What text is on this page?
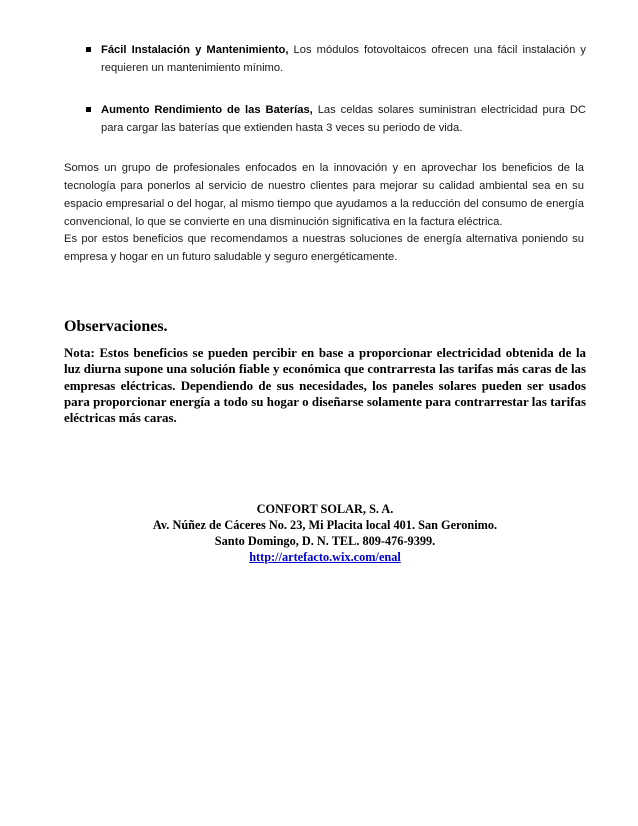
Fácil Instalación y Mantenimiento, Los módulos fotovoltaicos ofrecen una fácil instalación y requieren un mantenimiento mínimo.
Aumento Rendimiento de las Baterías, Las celdas solares suministran electricidad pura DC para cargar las baterías que extienden hasta 3 veces su periodo de vida.

Somos un grupo de profesionales enfocados en la innovación y en aprovechar los beneficios de la tecnología para ponerlos al servicio de nuestro clientes para mejorar su calidad ambiental sea en su espacio empresarial o del hogar, al mismo tiempo que ayudamos a la reducción del consumo de energía convencional, lo que se convierte en una disminución significativa en la factura eléctrica.

Es por estos beneficios que recomendamos a nuestras soluciones de energía alternativa poniendo su empresa y hogar en un futuro saludable y seguro energéticamente.

Observaciones.

Nota: Estos beneficios se pueden percibir en base a proporcionar electricidad obtenida de la luz diurna supone una solución fiable y económica que contrarresta las tarifas más caras de las empresas eléctricas. Dependiendo de sus necesidades, los paneles solares pueden ser usados para proporcionar energía a todo su hogar o diseñarse solamente para contrarrestar las tarifas eléctricas más caras.

CONFORT SOLAR, S. A.
Av. Núñez de Cáceres No. 23, Mi Placita local 401. San Geronimo.
Santo Domingo, D. N. TEL. 809-476-9399.
http://artefacto.wix.com/enal
